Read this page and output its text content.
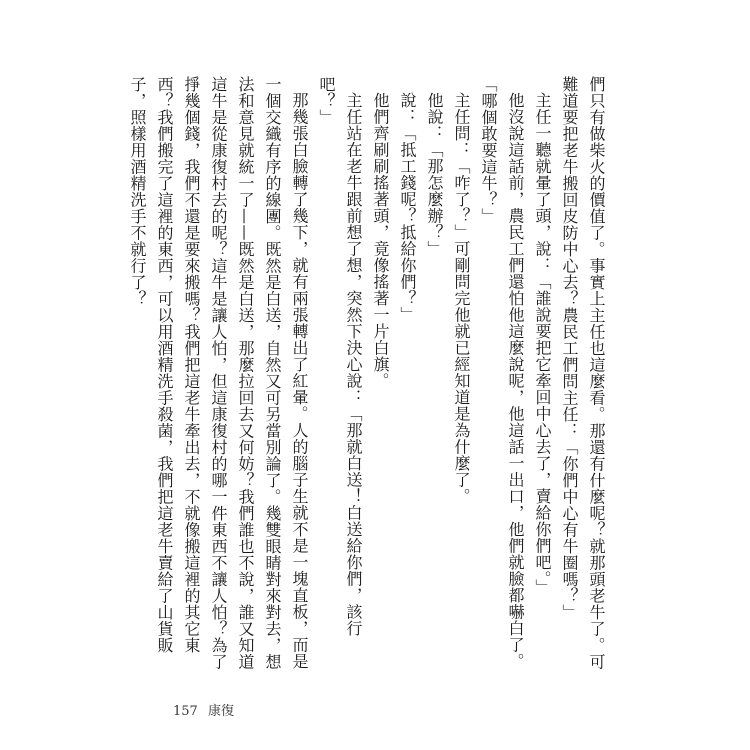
們只有做柴火的價值了。事實上主任也這麼看。那還有什麼呢？就那頭老牛了。可難道要把老牛搬回皮防中心去？農民工們問主任：「你們中心有牛圈嗎？」

主任一聽就暈了頭，說：「誰說要把它牽回中心去了，賣給你們吧。」

他沒說這話前，農民工們還怕他這麼說呢，他這話一出口，他們就臉都嚇白了。

「哪個敢要這牛？」

主任問：「咋了？」可剛問完他就已經知道是為什麼了。

他說：「那怎麼辦？」

說：「抵工錢呢？抵給你們？」

他們齊刷刷搖著頭，竟像搖著一片白旗。

主任站在老牛跟前想了想，突然下決心說：「那就白送！白送給你們，該行吧？」

那幾張白臉轉了幾下，就有兩張轉出了紅暈。人的腦子生就不是一塊直板，而是一個交織有序的線團。既然是白送，自然又可另當別論了。幾雙眼睛對來對去，想法和意見就統一了——既然是白送，那麼拉回去又何妨？我們誰也不說，誰又知道這牛是從康復村去的呢？這牛是讓人怕，但這康復村的哪一件東西不讓人怕？為了掙幾個錢，我們不還是要來搬嗎？我們把這老牛牽出去，不就像搬這裡的其它東西？我們搬完了這裡的東西，可以用酒精洗手殺菌，我們把這老牛賣給了山貨販子，照樣用酒精洗手不就行了？

157 康復
